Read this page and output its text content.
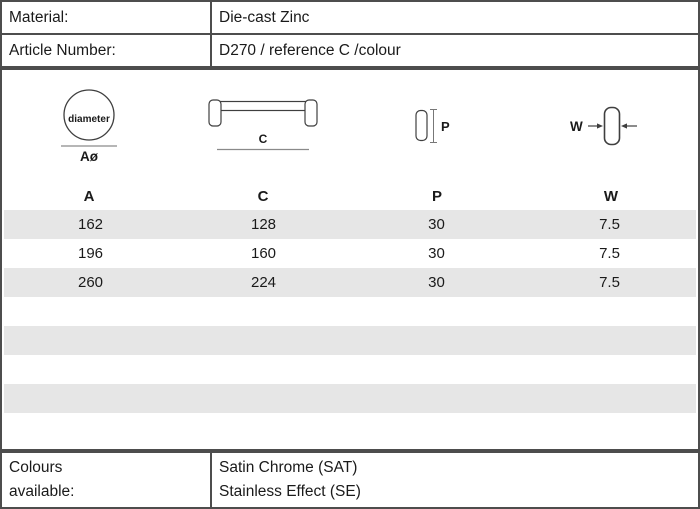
Material:	Die-cast Zinc
Article Number:	D270 / reference C /colour
diameter
Aø
C
P	W
A	C	P	W
162	128	30	7.5
196	160	30	7.5
260	224	30	7.5
Colours
available:

Satin Chrome (SAT)
Stainless Effect (SE)
